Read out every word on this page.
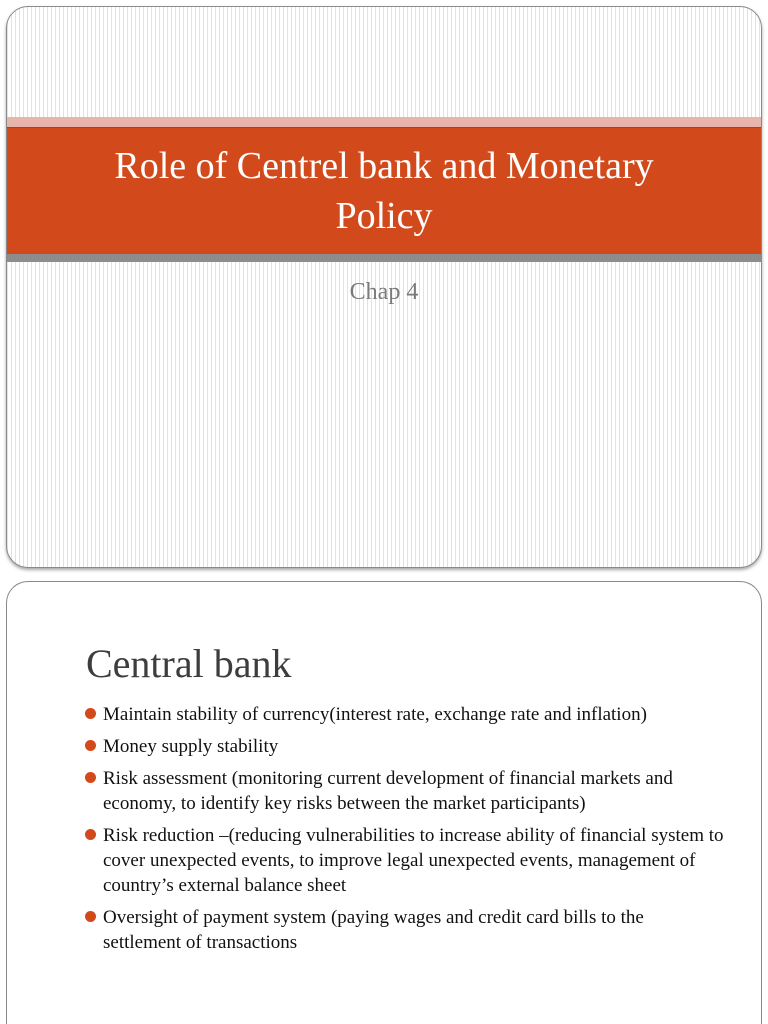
Role of Centrel bank and Monetary Policy

Chap 4

Central bank
Maintain stability of currency(interest rate, exchange rate and inflation)
Money supply stability
Risk assessment (monitoring current development of financial markets and economy, to identify key risks between the market participants)
Risk reduction –(reducing vulnerabilities to increase ability of financial system to cover unexpected events, to improve legal unexpected events, management of country’s external balance sheet
Oversight of payment system (paying wages and credit card bills to the settlement of transactions
